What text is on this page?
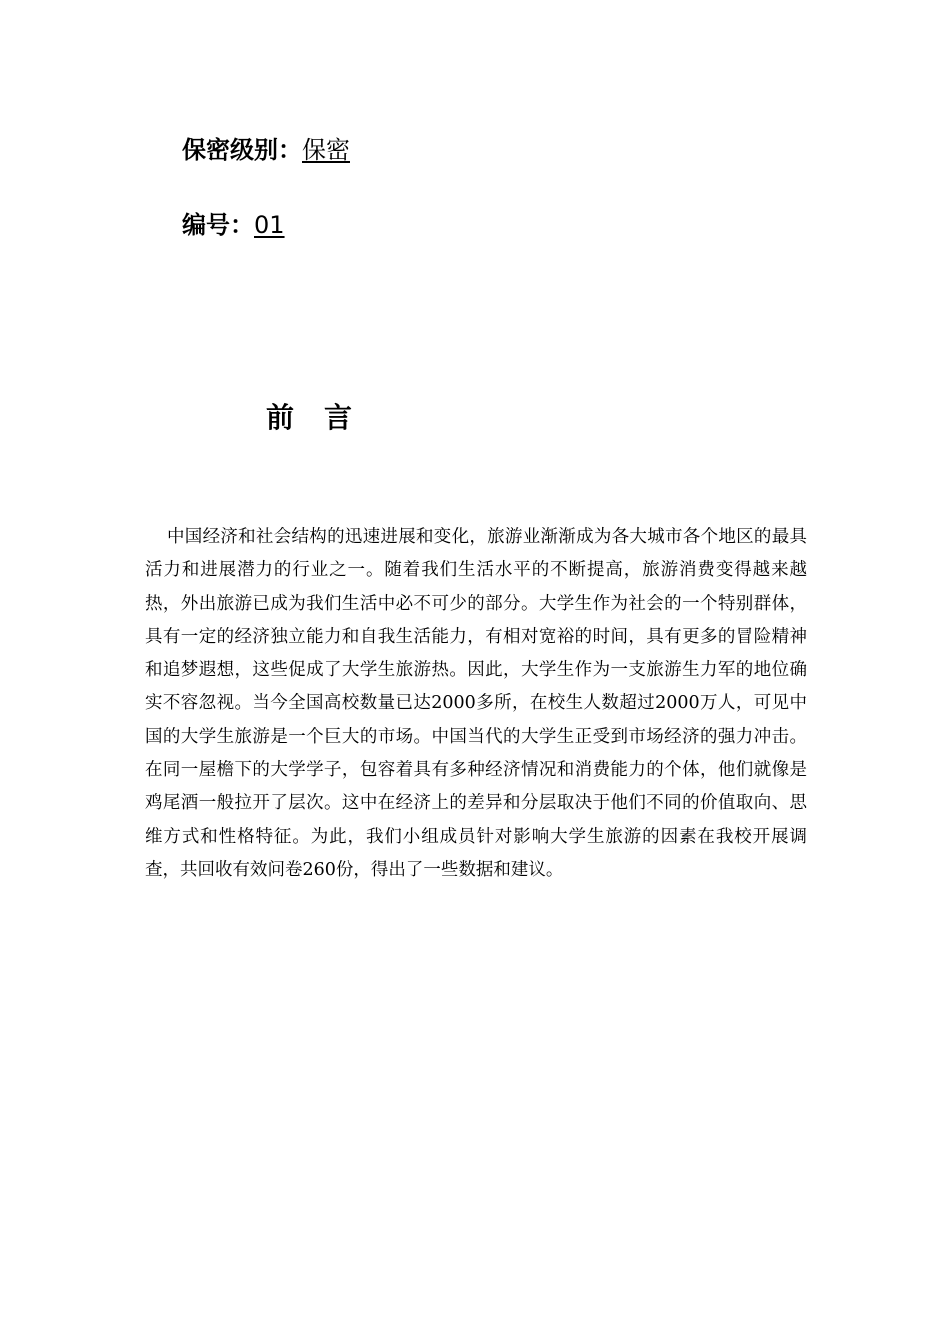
保密级别：保密
编号：01
前言

中国经济和社会结构的迅速进展和变化，旅游业渐渐成为各大城市各个地区的最具活力和进展潜力的行业之一。随着我们生活水平的不断提高，旅游消费变得越来越热，外出旅游已成为我们生活中必不可少的部分。大学生作为社会的一个特别群体，具有一定的经济独立能力和自我生活能力，有相对宽裕的时间，具有更多的冒险精神和追梦遐想，这些促成了大学生旅游热。因此，大学生作为一支旅游生力军的地位确实不容忽视。当今全国高校数量已达2000多所，在校生人数超过2000万人，可见中国的大学生旅游是一个巨大的市场。中国当代的大学生正受到市场经济的强力冲击。在同一屋檐下的大学学子，包容着具有多种经济情况和消费能力的个体，他们就像是鸡尾酒一般拉开了层次。这中在经济上的差异和分层取决于他们不同的价值取向、思维方式和性格特征。为此，我们小组成员针对影响大学生旅游的因素在我校开展调查，共回收有效问卷260份，得出了一些数据和建议。
